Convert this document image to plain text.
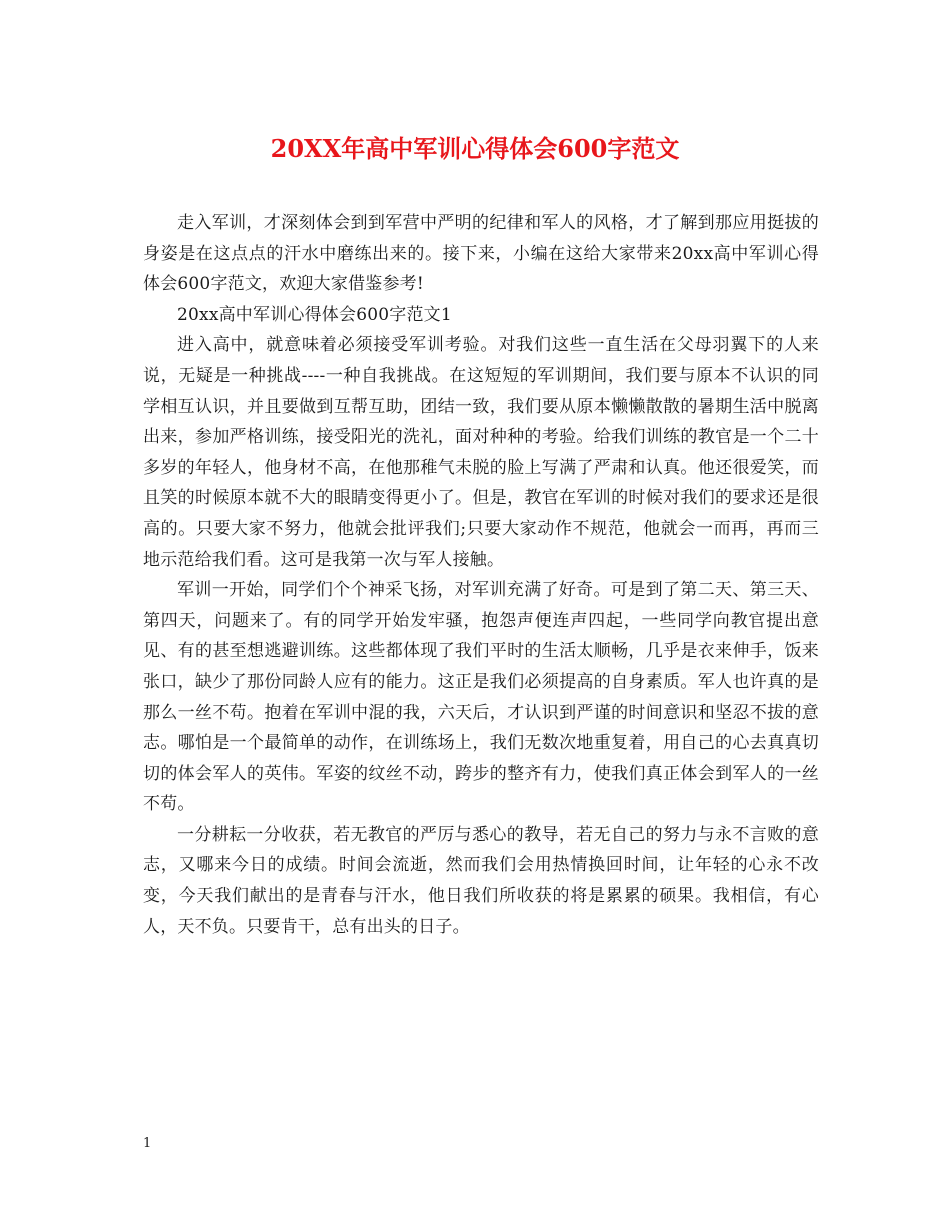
20XX年高中军训心得体会600字范文

走入军训，才深刻体会到到军营中严明的纪律和军人的风格，才了解到那应用挺拔的身姿是在这点点的汗水中磨练出来的。接下来，小编在这给大家带来20xx高中军训心得体会600字范文，欢迎大家借鉴参考!

20xx高中军训心得体会600字范文1

进入高中，就意味着必须接受军训考验。对我们这些一直生活在父母羽翼下的人来说，无疑是一种挑战----一种自我挑战。在这短短的军训期间，我们要与原本不认识的同学相互认识，并且要做到互帮互助，团结一致，我们要从原本懒懒散散的暑期生活中脱离出来，参加严格训练，接受阳光的洗礼，面对种种的考验。给我们训练的教官是一个二十多岁的年轻人，他身材不高，在他那稚气未脱的脸上写满了严肃和认真。他还很爱笑，而且笑的时候原本就不大的眼睛变得更小了。但是，教官在军训的时候对我们的要求还是很高的。只要大家不努力，他就会批评我们;只要大家动作不规范，他就会一而再，再而三地示范给我们看。这可是我第一次与军人接触。

军训一开始，同学们个个神采飞扬，对军训充满了好奇。可是到了第二天、第三天、第四天，问题来了。有的同学开始发牢骚，抱怨声便连声四起，一些同学向教官提出意见、有的甚至想逃避训练。这些都体现了我们平时的生活太顺畅，几乎是衣来伸手，饭来张口，缺少了那份同龄人应有的能力。这正是我们必须提高的自身素质。军人也许真的是那么一丝不苟。抱着在军训中混的我，六天后，才认识到严谨的时间意识和坚忍不拔的意志。哪怕是一个最简单的动作，在训练场上，我们无数次地重复着，用自己的心去真真切切的体会军人的英伟。军姿的纹丝不动，跨步的整齐有力，使我们真正体会到军人的一丝不苟。

一分耕耘一分收获，若无教官的严厉与悉心的教导，若无自己的努力与永不言败的意志，又哪来今日的成绩。时间会流逝，然而我们会用热情换回时间，让年轻的心永不改变，今天我们献出的是青春与汗水，他日我们所收获的将是累累的硕果。我相信，有心人，天不负。只要肯干，总有出头的日子。

1
